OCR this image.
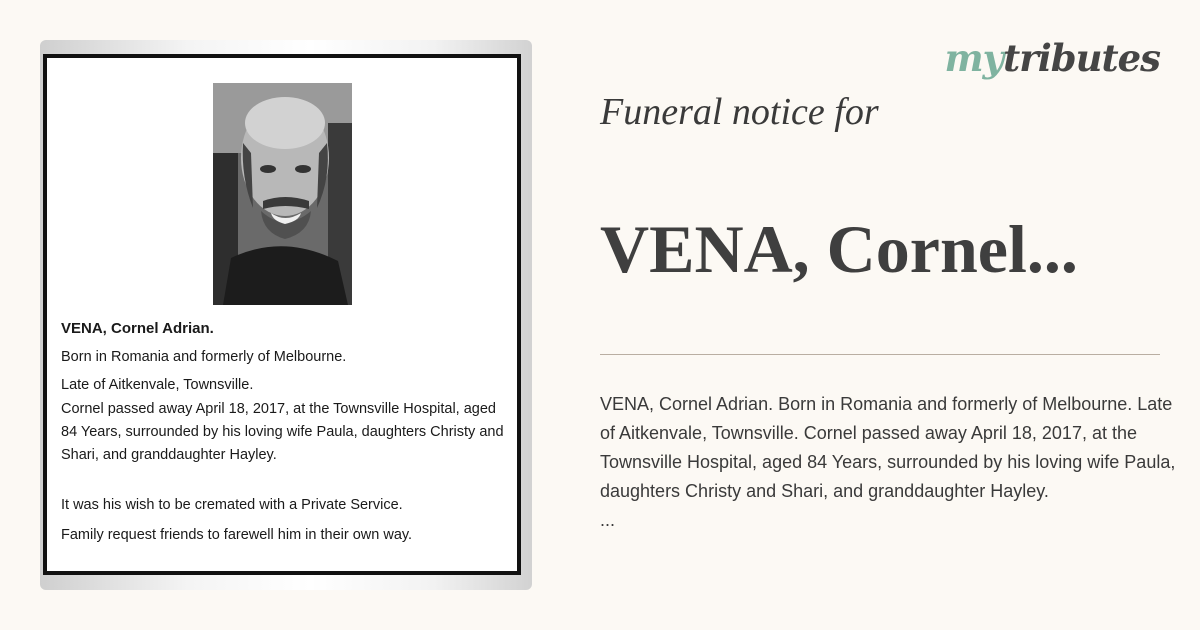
VENA, Cornel Adrian.
Born in Romania and formerly of Melbourne.
Late of Aitkenvale, Townsville.
Cornel passed away April 18, 2017, at the Townsville Hospital, aged 84 Years, surrounded by his loving wife Paula, daughters Christy and Shari, and granddaughter Hayley.
It was his wish to be cremated with a Private Service.
Family request friends to farewell him in their own way.
mytributes
Funeral notice for
VENA, Cornel...
VENA, Cornel Adrian. Born in Romania and formerly of Melbourne. Late of Aitkenvale, Townsville. Cornel passed away April 18, 2017, at the Townsville Hospital, aged 84 Years, surrounded by his loving wife Paula, daughters Christy and Shari, and granddaughter Hayley.
...
